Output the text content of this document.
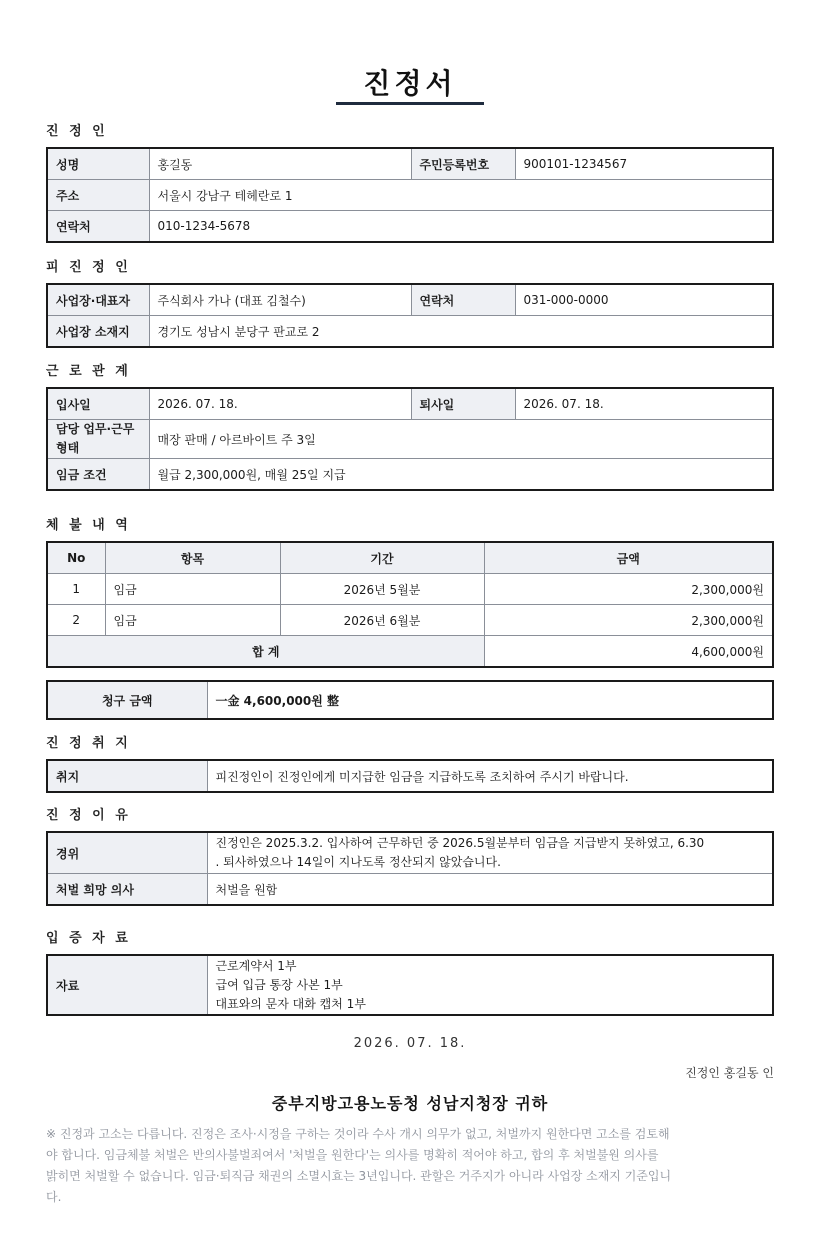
진정서
진 정 인
성명	홍길동	주민등록번호	900101-1234567
주소	서울시 강남구 테헤란로 1		
연락처	010-1234-5678		
피 진 정 인
사업장·대표자	주식회사 가나 (대표 김철수)	연락처	031-000-0000
사업장 소재지	경기도 성남시 분당구 판교로 2		
근 로 관 계
입사일	2026. 07. 18.	퇴사일	2026. 07. 18.
담당 업무·근무형태	매장 판매 / 아르바이트 주 3일		
임금 조건	월급 2,300,000원, 매월 25일 지급		
체 불 내 역
No	항목	기간	금액
1	임금	2026년 5월분	2,300,000원
2	임금	2026년 6월분	2,300,000원
합 계			4,600,000원
청구 금액	一金 4,600,000원 整
진 정 취 지
취지	피진정인이 진정인에게 미지급한 임금을 지급하도록 조치하여 주시기 바랍니다.
진 정 이 유
경위	진정인은 2025.3.2. 입사하여 근무하던 중 2026.5월분부터 임금을 지급받지 못하였고, 6.30
. 퇴사하였으나 14일이 지나도록 정산되지 않았습니다.

처벌 희망 의사	처벌을 원함
입 증 자 료
자료	
근로계약서 1부
급여 입금 통장 사본 1부
대표와의 문자 대화 캡처 1부
2026. 07. 18.
진정인 홍길동 인
중부지방고용노동청 성남지청장 귀하
※ 진정과 고소는 다릅니다. 진정은 조사·시정을 구하는 것이라 수사 개시 의무가 없고, 처벌까지 원한다면 고소를 검토해
야 합니다. 임금체불 처벌은 반의사불벌죄여서 '처벌을 원한다'는 의사를 명확히 적어야 하고, 합의 후 처벌불원 의사를
밝히면 처벌할 수 없습니다. 임금·퇴직금 채권의 소멸시효는 3년입니다. 관할은 거주지가 아니라 사업장 소재지 기준입니
다.
